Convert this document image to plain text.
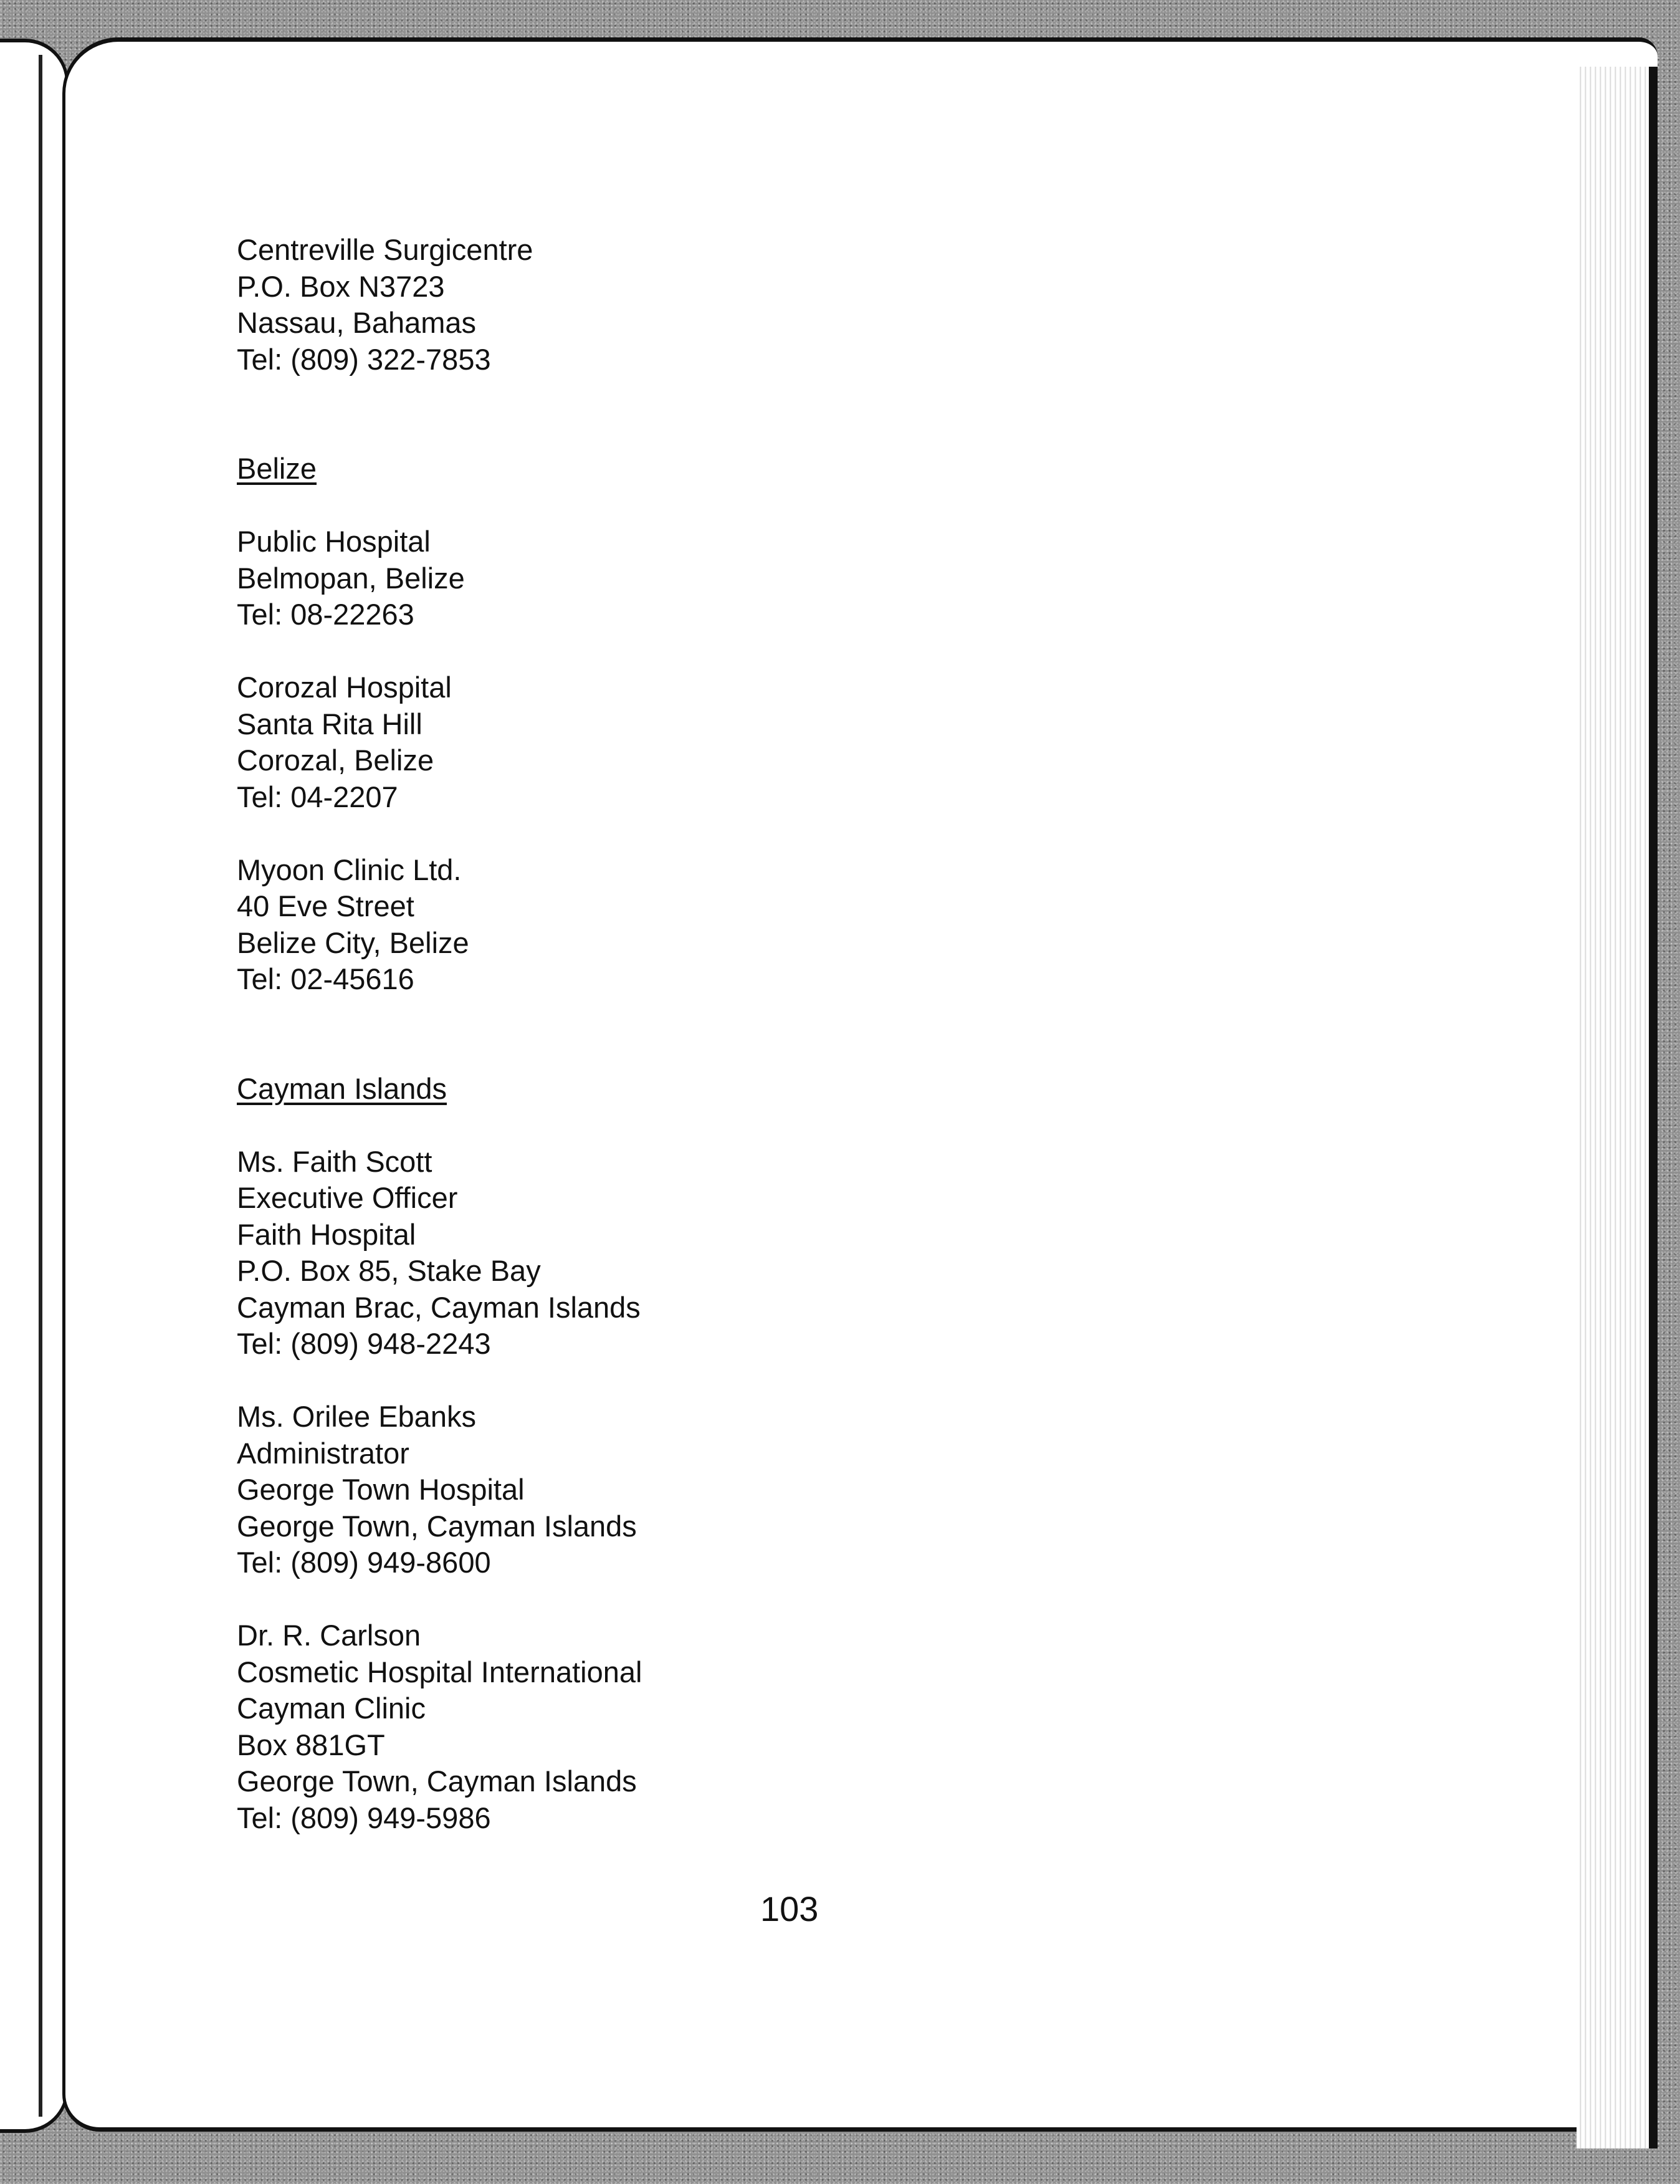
Centreville Surgicentre
P.O. Box N3723
Nassau, Bahamas
Tel: (809) 322-7853
Belize
Public Hospital
Belmopan, Belize
Tel: 08-22263
Corozal Hospital
Santa Rita Hill
Corozal, Belize
Tel: 04-2207
Myoon Clinic Ltd.
40 Eve Street
Belize City, Belize
Tel: 02-45616
Cayman Islands
Ms. Faith Scott
Executive Officer
Faith Hospital
P.O. Box 85, Stake Bay
Cayman Brac, Cayman Islands
Tel: (809) 948-2243
Ms. Orilee Ebanks
Administrator
George Town Hospital
George Town, Cayman Islands
Tel: (809) 949-8600
Dr. R. Carlson
Cosmetic Hospital International
Cayman Clinic
Box 881GT
George Town, Cayman Islands
Tel: (809) 949-5986
103
